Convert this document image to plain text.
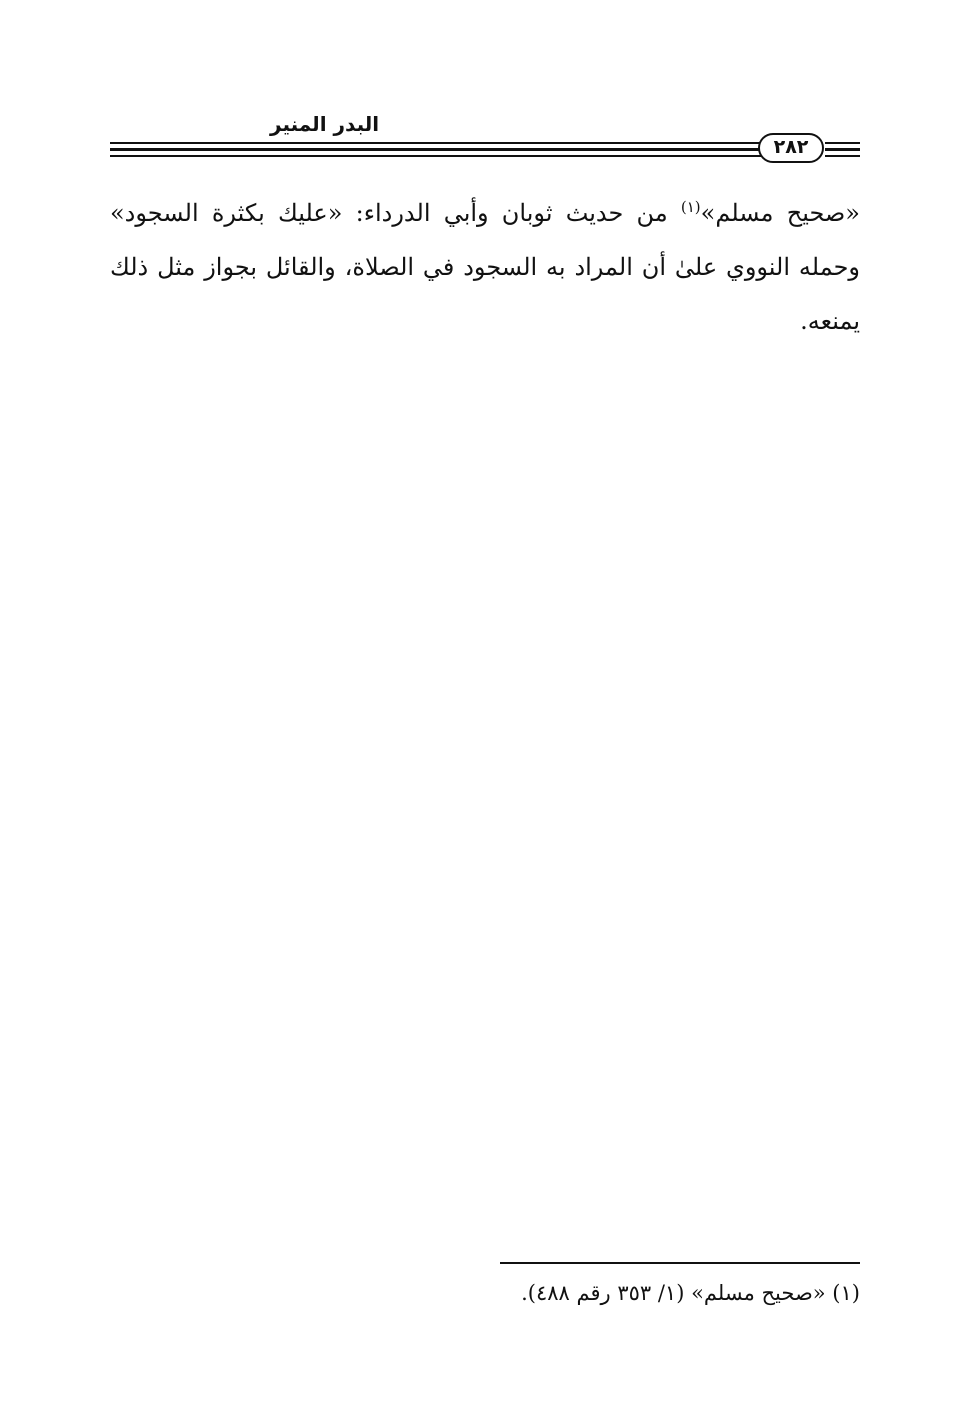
البدر المنير
٢٨٢

«صحيح مسلم»$^{(١)}$ من حديث ثوبان وأبي الدرداء: «عليك بكثرة السجود» وحمله النووي علىٰ أن المراد به السجود في الصلاة، والقائل بجواز مثل ذلك يمنعه.

(١) «صحيح مسلم» (١/ ٣٥٣ رقم ٤٨٨).
